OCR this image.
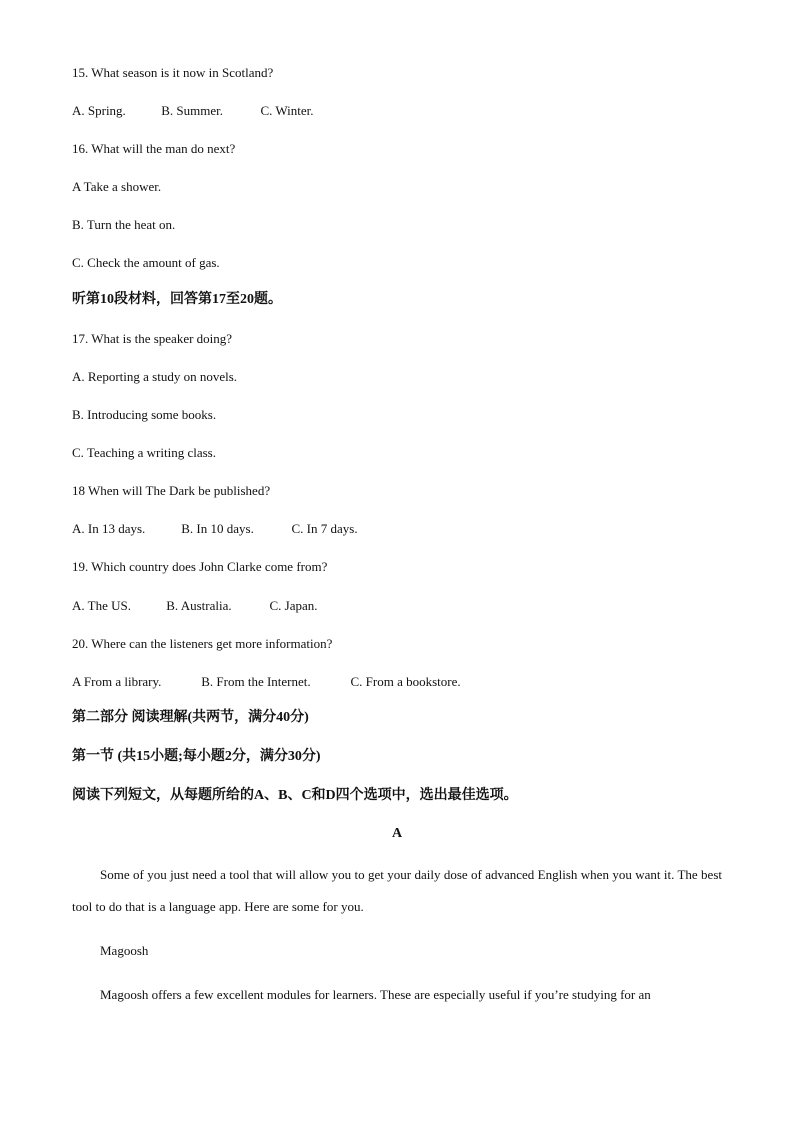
15. What season is it now in Scotland?
A. Spring.	B. Summer.	C. Winter.
16. What will the man do next?
A Take a shower.
B. Turn the heat on.
C. Check the amount of gas.
听第10段材料，回答第17至20题。
17. What is the speaker doing?
A. Reporting a study on novels.
B. Introducing some books.
C. Teaching a writing class.
18 When will The Dark be published?
A. In 13 days.	B. In 10 days.	C. In 7 days.
19. Which country does John Clarke come from?
A. The US.	B. Australia.	C. Japan.
20. Where can the listeners get more information?
A From a library.	B. From the Internet.	C. From a bookstore.
第二部分 阅读理解(共两节，满分40分)
第一节 (共15小题;每小题2分，满分30分)
阅读下列短文，从每题所给的A、B、C和D四个选项中，选出最佳选项。
A
Some of you just need a tool that will allow you to get your daily dose of advanced English when you want it. The best tool to do that is a language app. Here are some for you.
Magoosh
Magoosh offers a few excellent modules for learners. These are especially useful if you’re studying for an
